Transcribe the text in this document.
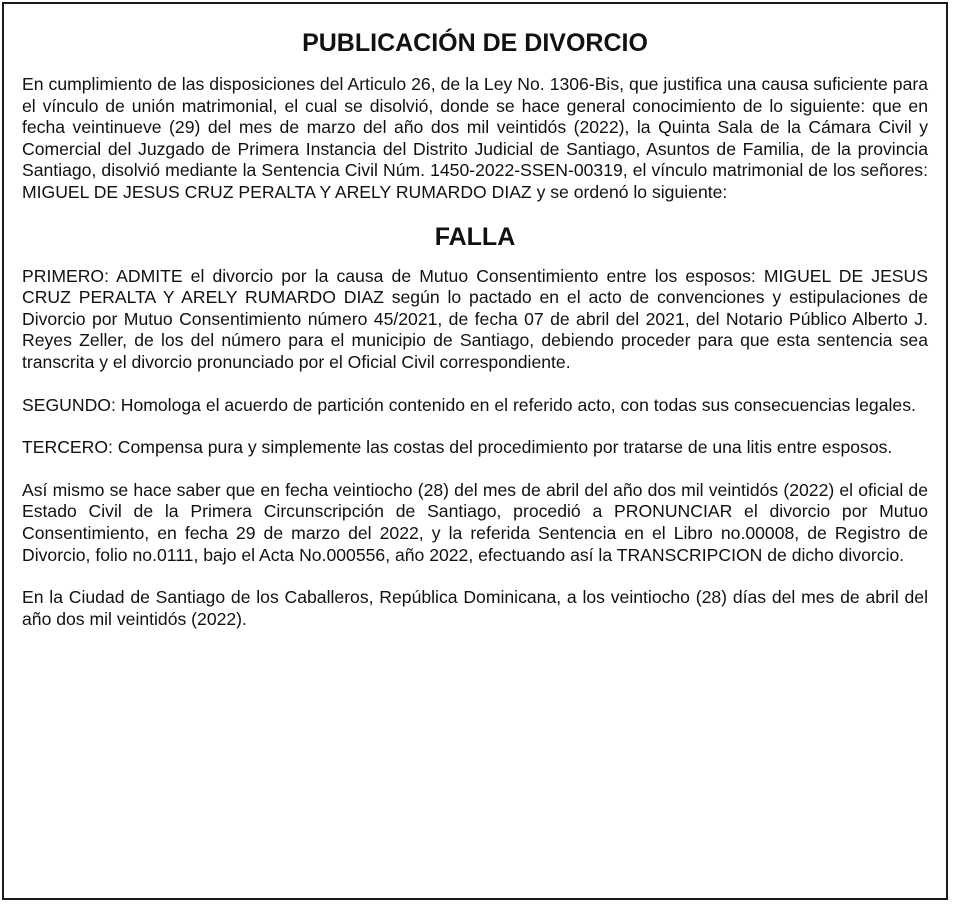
PUBLICACIÓN DE DIVORCIO

En cumplimiento de las disposiciones del Articulo 26, de la Ley No. 1306-Bis, que justifica una causa suficiente para el vínculo de unión matrimonial, el cual se disolvió, donde se hace general conocimiento de lo siguiente: que en fecha veintinueve (29) del mes de marzo del año dos mil veintidós (2022), la Quinta Sala de la Cámara Civil y Comercial del Juzgado de Primera Instancia del Distrito Judicial de Santiago, Asuntos de Familia, de la provincia Santiago, disolvió mediante la Sentencia Civil Núm. 1450-2022-SSEN-00319, el vínculo matrimonial de los señores: MIGUEL DE JESUS CRUZ PERALTA Y ARELY RUMARDO DIAZ y se ordenó lo siguiente:

FALLA

PRIMERO: ADMITE el divorcio por la causa de Mutuo Consentimiento entre los esposos: MIGUEL DE JESUS CRUZ PERALTA Y ARELY RUMARDO DIAZ según lo pactado en el acto de convenciones y estipulaciones de Divorcio por Mutuo Consentimiento número 45/2021, de fecha 07 de abril del 2021, del Notario Público Alberto J. Reyes Zeller, de los del número para el municipio de Santiago, debiendo proceder para que esta sentencia sea transcrita y el divorcio pronunciado por el Oficial Civil correspondiente.

SEGUNDO: Homologa el acuerdo de partición contenido en el referido acto, con todas sus consecuencias legales.

TERCERO: Compensa pura y simplemente las costas del procedimiento por tratarse de una litis entre esposos.

Así mismo se hace saber que en fecha veintiocho (28) del mes de abril del año dos mil veintidós (2022) el oficial de Estado Civil de la Primera Circunscripción de Santiago, procedió a PRONUNCIAR el divorcio por Mutuo Consentimiento, en fecha 29 de marzo del 2022, y la referida Sentencia en el Libro no.00008, de Registro de Divorcio, folio no.0111, bajo el Acta No.000556, año 2022, efectuando así la TRANSCRIPCION de dicho divorcio.

En la Ciudad de Santiago de los Caballeros, República Dominicana, a los veintiocho (28) días del mes de abril del año dos mil veintidós (2022).
